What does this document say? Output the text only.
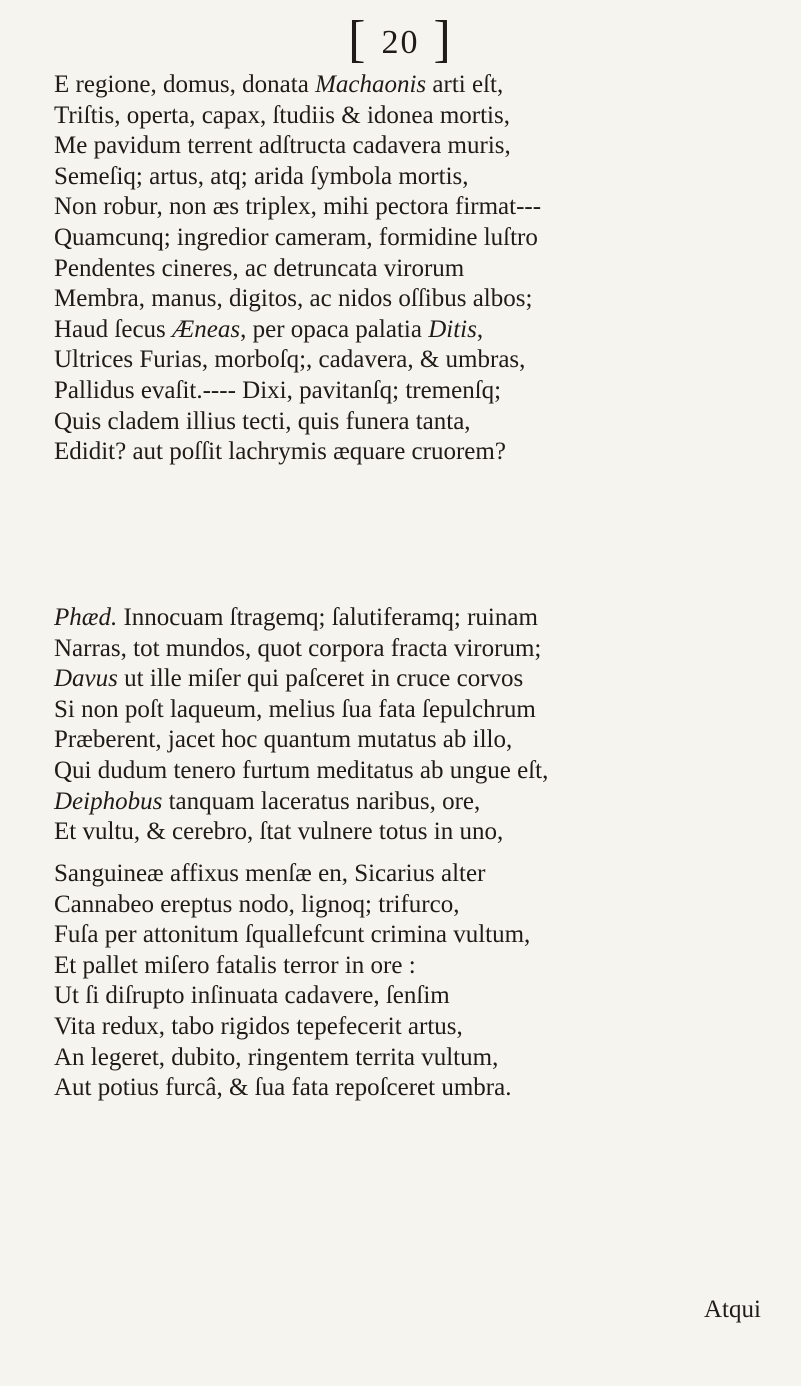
[ 20 ]
E regione, domus, donata Machaonis arti eſt,
Triſtis, operta, capax, ſtudiis & idonea mortis,
Me pavidum terrent adſtructa cadavera muris,
Semeſiq; artus, atq; arida ſymbola mortis,
Non robur, non æs triplex, mihi pectora firmat---
Quamcunq; ingredior cameram, formidine luſtro
Pendentes cineres, ac detruncata virorum
Membra, manus, digitos, ac nidos oſſibus albos;
Haud ſecus Æneas, per opaca palatia Ditis,
Ultrices Furias, morboſq;, cadavera, & umbras,
Pallidus evaſit.---- Dixi, pavitanſq; tremenſq;
Quis cladem illius tecti, quis funera tanta,
Edidit? aut poſſit lachrymis æquare cruorem?
Phæd. Innocuam ſtragemq; ſalutiferamq; ruinam
Narras, tot mundos, quot corpora fracta virorum;
Davus ut ille miſer qui paſceret in cruce corvos
Si non poſt laqueum, melius ſua fata ſepulchrum
Præberent, jacet hoc quantum mutatus ab illo,
Qui dudum tenero furtum meditatus ab ungue eſt,
Deiphobus tanquam laceratus naribus, ore,
Et vultu, & cerebro, ſtat vulnere totus in uno,
Sanguineæ affixus menſæ en, Sicarius alter
Cannabeo ereptus nodo, lignoq; trifurco,
Fuſa per attonitum ſquallefcunt crimina vultum,
Et pallet miſero fatalis terror in ore :
Ut ſi diſrupto inſinuata cadavere, ſenſim
Vita redux, tabo rigidos tepefecerit artus,
An legeret, dubito, ringentem territa vultum,
Aut potius furcâ, & ſua fata repoſceret umbra.
Atqui
